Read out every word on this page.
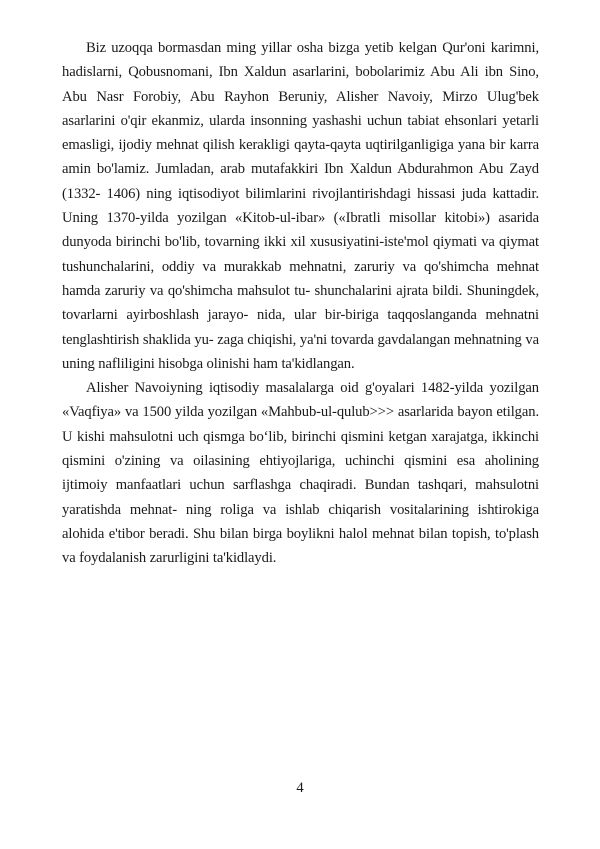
Biz uzoqqa bormasdan ming yillar osha bizga yetib kelgan Qur'oni karimni, hadislarni, Qobusnomani, Ibn Xaldun asarlarini, bobolarimiz Abu Ali ibn Sino, Abu Nasr Forobiy, Abu Rayhon Beruniy, Alisher Navoiy, Mirzo Ulug'bek asarlarini o'qir ekanmiz, ularda insonning yashashi uchun tabiat ehsonlari yetarli emasligi, ijodiy mehnat qilish kerakligi qayta-qayta uqtirilganligiga yana bir karra amin bo'lamiz. Jumladan, arab mutafakkiri Ibn Xaldun Abdurahmon Abu Zayd (1332- 1406) ning iqtisodiyot bilimlarini rivojlantirishdagi hissasi juda kattadir. Uning 1370-yilda yozilgan «Kitob-ul-ibar» («Ibratli misollar kitobi») asarida dunyoda birinchi bo'lib, tovarning ikki xil xususiyatini-iste'mol qiymati va qiymat tushunchalarini, oddiy va murakkab mehnatni, zaruriy va qo'shimcha mehnat hamda zaruriy va qo'shimcha mahsulot tu- shunchalarini ajrata bildi. Shuningdek, tovarlarni ayirboshlash jarayo- nida, ular bir-biriga taqqoslanganda mehnatni tenglashtirish shaklida yu- zaga chiqishi, ya'ni tovarda gavdalangan mehnatning va uning nafliligini hisobga olinishi ham ta'kidlangan.

Alisher Navoiyning iqtisodiy masalalarga oid g'oyalari 1482-yilda yozilgan «Vaqfiya» va 1500 yilda yozilgan «Mahbub-ul-qulub>>> asarlarida bayon etilgan. U kishi mahsulotni uch qismga bo‘lib, birinchi qismini ketgan xarajatga, ikkinchi qismini o'zining va oilasining ehtiyojlariga, uchinchi qismini esa aholining ijtimoiy manfaatlari uchun sarflashga chaqiradi. Bundan tashqari, mahsulotni yaratishda mehnat- ning roliga va ishlab chiqarish vositalarining ishtirokiga alohida e'tibor beradi. Shu bilan birga boylikni halol mehnat bilan topish, to'plash va foydalanish zarurligini ta'kidlaydi.

4
